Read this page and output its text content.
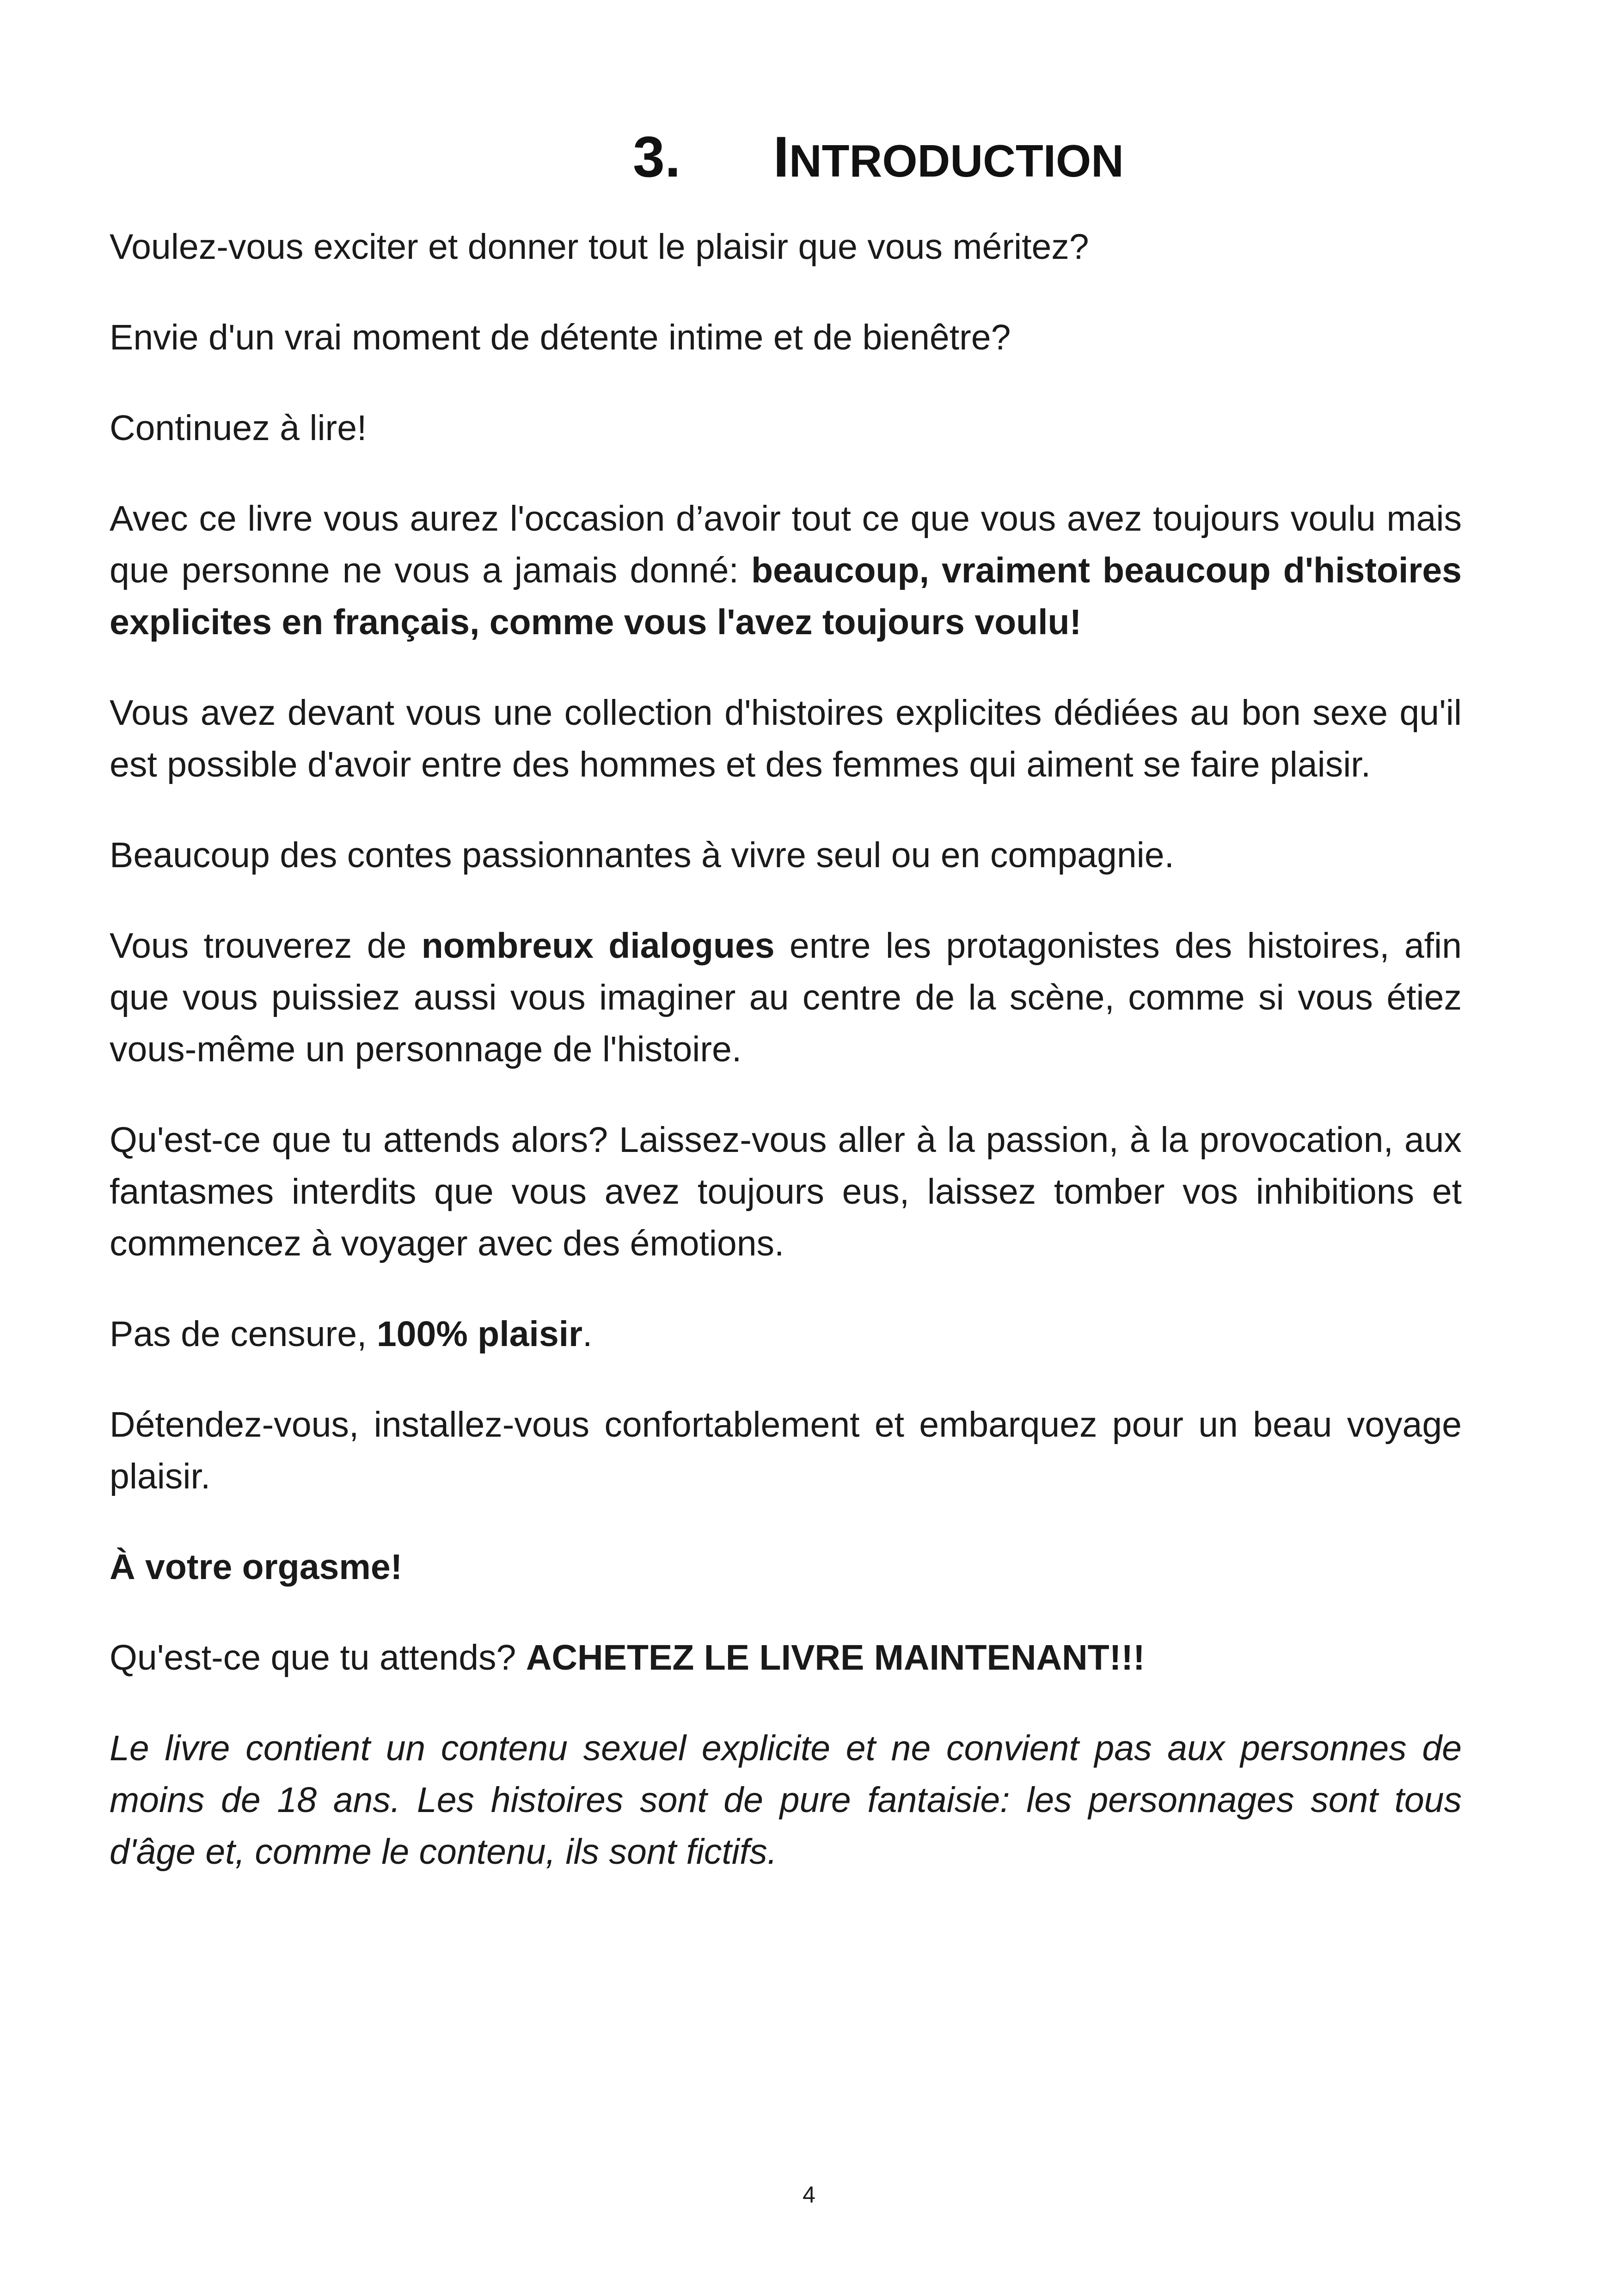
3. INTRODUCTION

Voulez-vous exciter et donner tout le plaisir que vous méritez?

Envie d'un vrai moment de détente intime et de bienêtre?

Continuez à lire!

Avec ce livre vous aurez l'occasion d’avoir tout ce que vous avez toujours voulu mais que personne ne vous a jamais donné: beaucoup, vraiment beaucoup d'histoires explicites en français, comme vous l'avez toujours voulu!

Vous avez devant vous une collection d'histoires explicites dédiées au bon sexe qu'il est possible d'avoir entre des hommes et des femmes qui aiment se faire plaisir.

Beaucoup des contes passionnantes à vivre seul ou en compagnie.

Vous trouverez de nombreux dialogues entre les protagonistes des histoires, afin que vous puissiez aussi vous imaginer au centre de la scène, comme si vous étiez vous-même un personnage de l'histoire.

Qu'est-ce que tu attends alors? Laissez-vous aller à la passion, à la provocation, aux fantasmes interdits que vous avez toujours eus, laissez tomber vos inhibitions et commencez à voyager avec des émotions.

Pas de censure, 100% plaisir.

Détendez-vous, installez-vous confortablement et embarquez pour un beau voyage plaisir.

À votre orgasme!

Qu'est-ce que tu attends? ACHETEZ LE LIVRE MAINTENANT!!!

Le livre contient un contenu sexuel explicite et ne convient pas aux personnes de moins de 18 ans. Les histoires sont de pure fantaisie: les personnages sont tous d'âge et, comme le contenu, ils sont fictifs.

4
